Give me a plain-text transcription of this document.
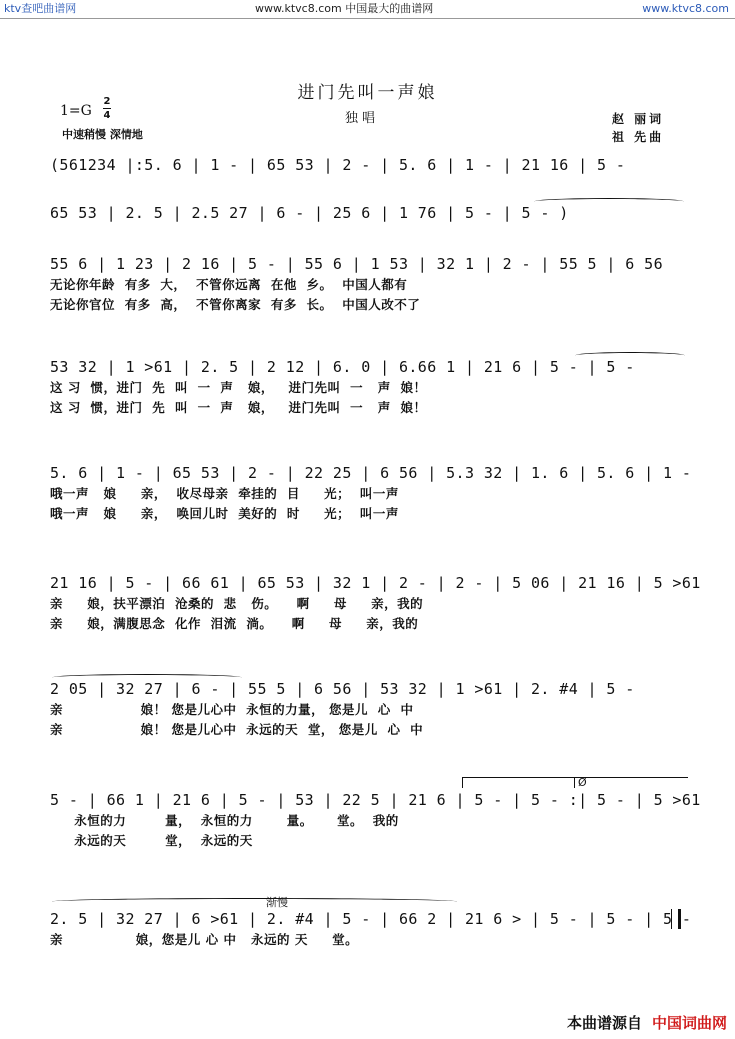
ktv查吧曲谱网	www.ktvc8.com 中国最大的曲谱网	www.ktvc8.com
进门先叫一声娘
1=G
2
4	独唱	赵 丽词
祖 先曲
中速稍慢 深情地
(561234 |:5. 6 | 1 - | 65 53 | 2 - | 5. 6 | 1 - | 21 16 | 5 -
65 53 | 2. 5 | 2.5 27 | 6 - | 25 6 | 1 76 | 5 - | 5 - )
55 6 | 1 23 | 2 16 | 5 - | 55 6 | 1 53 | 32 1 | 2 - | 55 5 | 6 56
无论你年龄  有多  大，  不管你远离  在他  乡。  中国人都有
无论你官位  有多  高，  不管你离家  有多  长。  中国人改不了
53 32 | 1 >61 | 2. 5 | 2 12 | 6. 0 | 6.66 1 | 21 6 | 5 - | 5 -
这 习  惯，进门  先  叫  一  声   娘，   进门先叫  一   声  娘！
这 习  惯，进门  先  叫  一  声   娘，   进门先叫  一   声  娘！
5. 6 | 1 - | 65 53 | 2 - | 22 25 | 6 56 | 5.3 32 | 1. 6 | 5. 6 | 1 -
哦一声   娘     亲，  收尽母亲  牵挂的  目     光；  叫一声
哦一声   娘     亲，  唤回儿时  美好的  时     光；  叫一声
21 16 | 5 - | 66 61 | 65 53 | 32 1 | 2 - | 2 - | 5 06 | 21 16 | 5 >61
亲     娘，扶平漂泊  沧桑的  悲   伤。    啊     母     亲，我的
亲     娘，满腹思念  化作  泪流  淌。    啊     母     亲，我的
2 05 | 32 27 | 6 - | 55 5 | 6 56 | 53 32 | 1 >61 | 2. #4 | 5 -
亲                娘！ 您是儿心中  永恒的力量， 您是儿  心  中
亲                娘！ 您是儿心中  永远的天  堂， 您是儿  心  中
Ø
5 - | 66 1 | 21 6 | 5 - | 53 | 22 5 | 21 6 | 5 - | 5 - :| 5 - | 5 >61
永恒的力        量，  永恒的力       量。     堂。  我的
永远的天        堂，  永远的天
渐慢
2. 5 | 32 27 | 6 >61 | 2. #4 | 5 - | 66 2 | 21 6 > | 5 - | 5 - | 5 -
亲               娘，您是儿 心 中   永远的 天     堂。
本曲谱源自 中国词曲网
